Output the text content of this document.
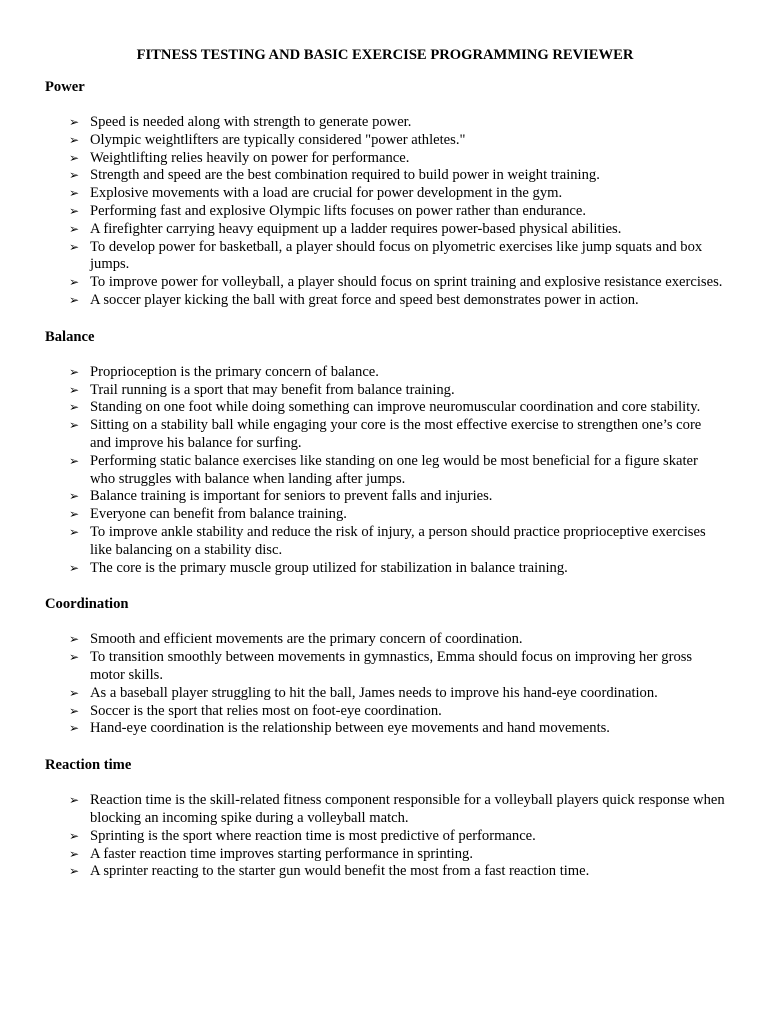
FITNESS TESTING AND BASIC EXERCISE PROGRAMMING REVIEWER
Power
➢ Speed is needed along with strength to generate power.
➢ Olympic weightlifters are typically considered "power athletes."
➢ Weightlifting relies heavily on power for performance.
➢ Strength and speed are the best combination required to build power in weight training.
➢ Explosive movements with a load are crucial for power development in the gym.
➢ Performing fast and explosive Olympic lifts focuses on power rather than endurance.
➢ A firefighter carrying heavy equipment up a ladder requires power-based physical abilities.
➢ To develop power for basketball, a player should focus on plyometric exercises like jump squats and box jumps.
➢ To improve power for volleyball, a player should focus on sprint training and explosive resistance exercises.
➢ A soccer player kicking the ball with great force and speed best demonstrates power in action.
Balance
➢ Proprioception is the primary concern of balance.
➢ Trail running is a sport that may benefit from balance training.
➢ Standing on one foot while doing something can improve neuromuscular coordination and core stability.
➢ Sitting on a stability ball while engaging your core is the most effective exercise to strengthen one’s core and improve his balance for surfing.
➢ Performing static balance exercises like standing on one leg would be most beneficial for a figure skater who struggles with balance when landing after jumps.
➢ Balance training is important for seniors to prevent falls and injuries.
➢ Everyone can benefit from balance training.
➢ To improve ankle stability and reduce the risk of injury, a person should practice proprioceptive exercises like balancing on a stability disc.
➢ The core is the primary muscle group utilized for stabilization in balance training.
Coordination
➢ Smooth and efficient movements are the primary concern of coordination.
➢ To transition smoothly between movements in gymnastics, Emma should focus on improving her gross motor skills.
➢ As a baseball player struggling to hit the ball, James needs to improve his hand-eye coordination.
➢ Soccer is the sport that relies most on foot-eye coordination.
➢ Hand-eye coordination is the relationship between eye movements and hand movements.
Reaction time
➢ Reaction time is the skill-related fitness component responsible for a volleyball players quick response when blocking an incoming spike during a volleyball match.
➢ Sprinting is the sport where reaction time is most predictive of performance.
➢ A faster reaction time improves starting performance in sprinting.
➢ A sprinter reacting to the starter gun would benefit the most from a fast reaction time.
